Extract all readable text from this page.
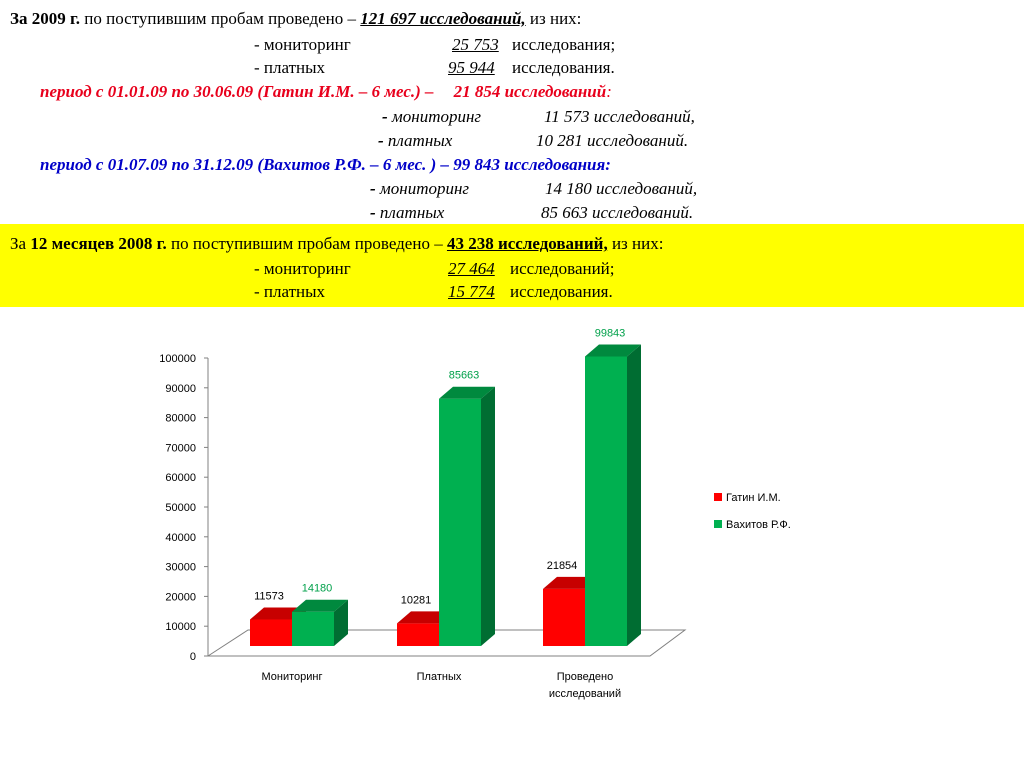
За 2009 г. по поступившим пробам проведено – 121 697 исследований, из них:
- мониторинг	25 753 исследования;
- платных	95 944 исследования.
период с 01.01.09 по 30.06.09 (Гатин И.М. – 6 мес.) – 21 854 исследований:
- мониторинг	11 573 исследований,
- платных	10 281 исследований.
период с 01.07.09 по 31.12.09 (Вахитов Р.Ф. – 6 мес. ) – 99 843 исследования:
- мониторинг	14 180 исследований,
- платных	85 663 исследований.
За 12 месяцев 2008 г. по поступившим пробам проведено – 43 238 исследований, из них:
- мониторинг	27 464 исследований;
- платных	15 774 исследования.
0
10000
20000
30000
40000
50000
60000
70000
80000
90000
100000
11573
14180
Мониторинг
10281
85663
Платных
21854
99843
Проведено
исследований
Гатин И.М.
Вахитов Р.Ф.
